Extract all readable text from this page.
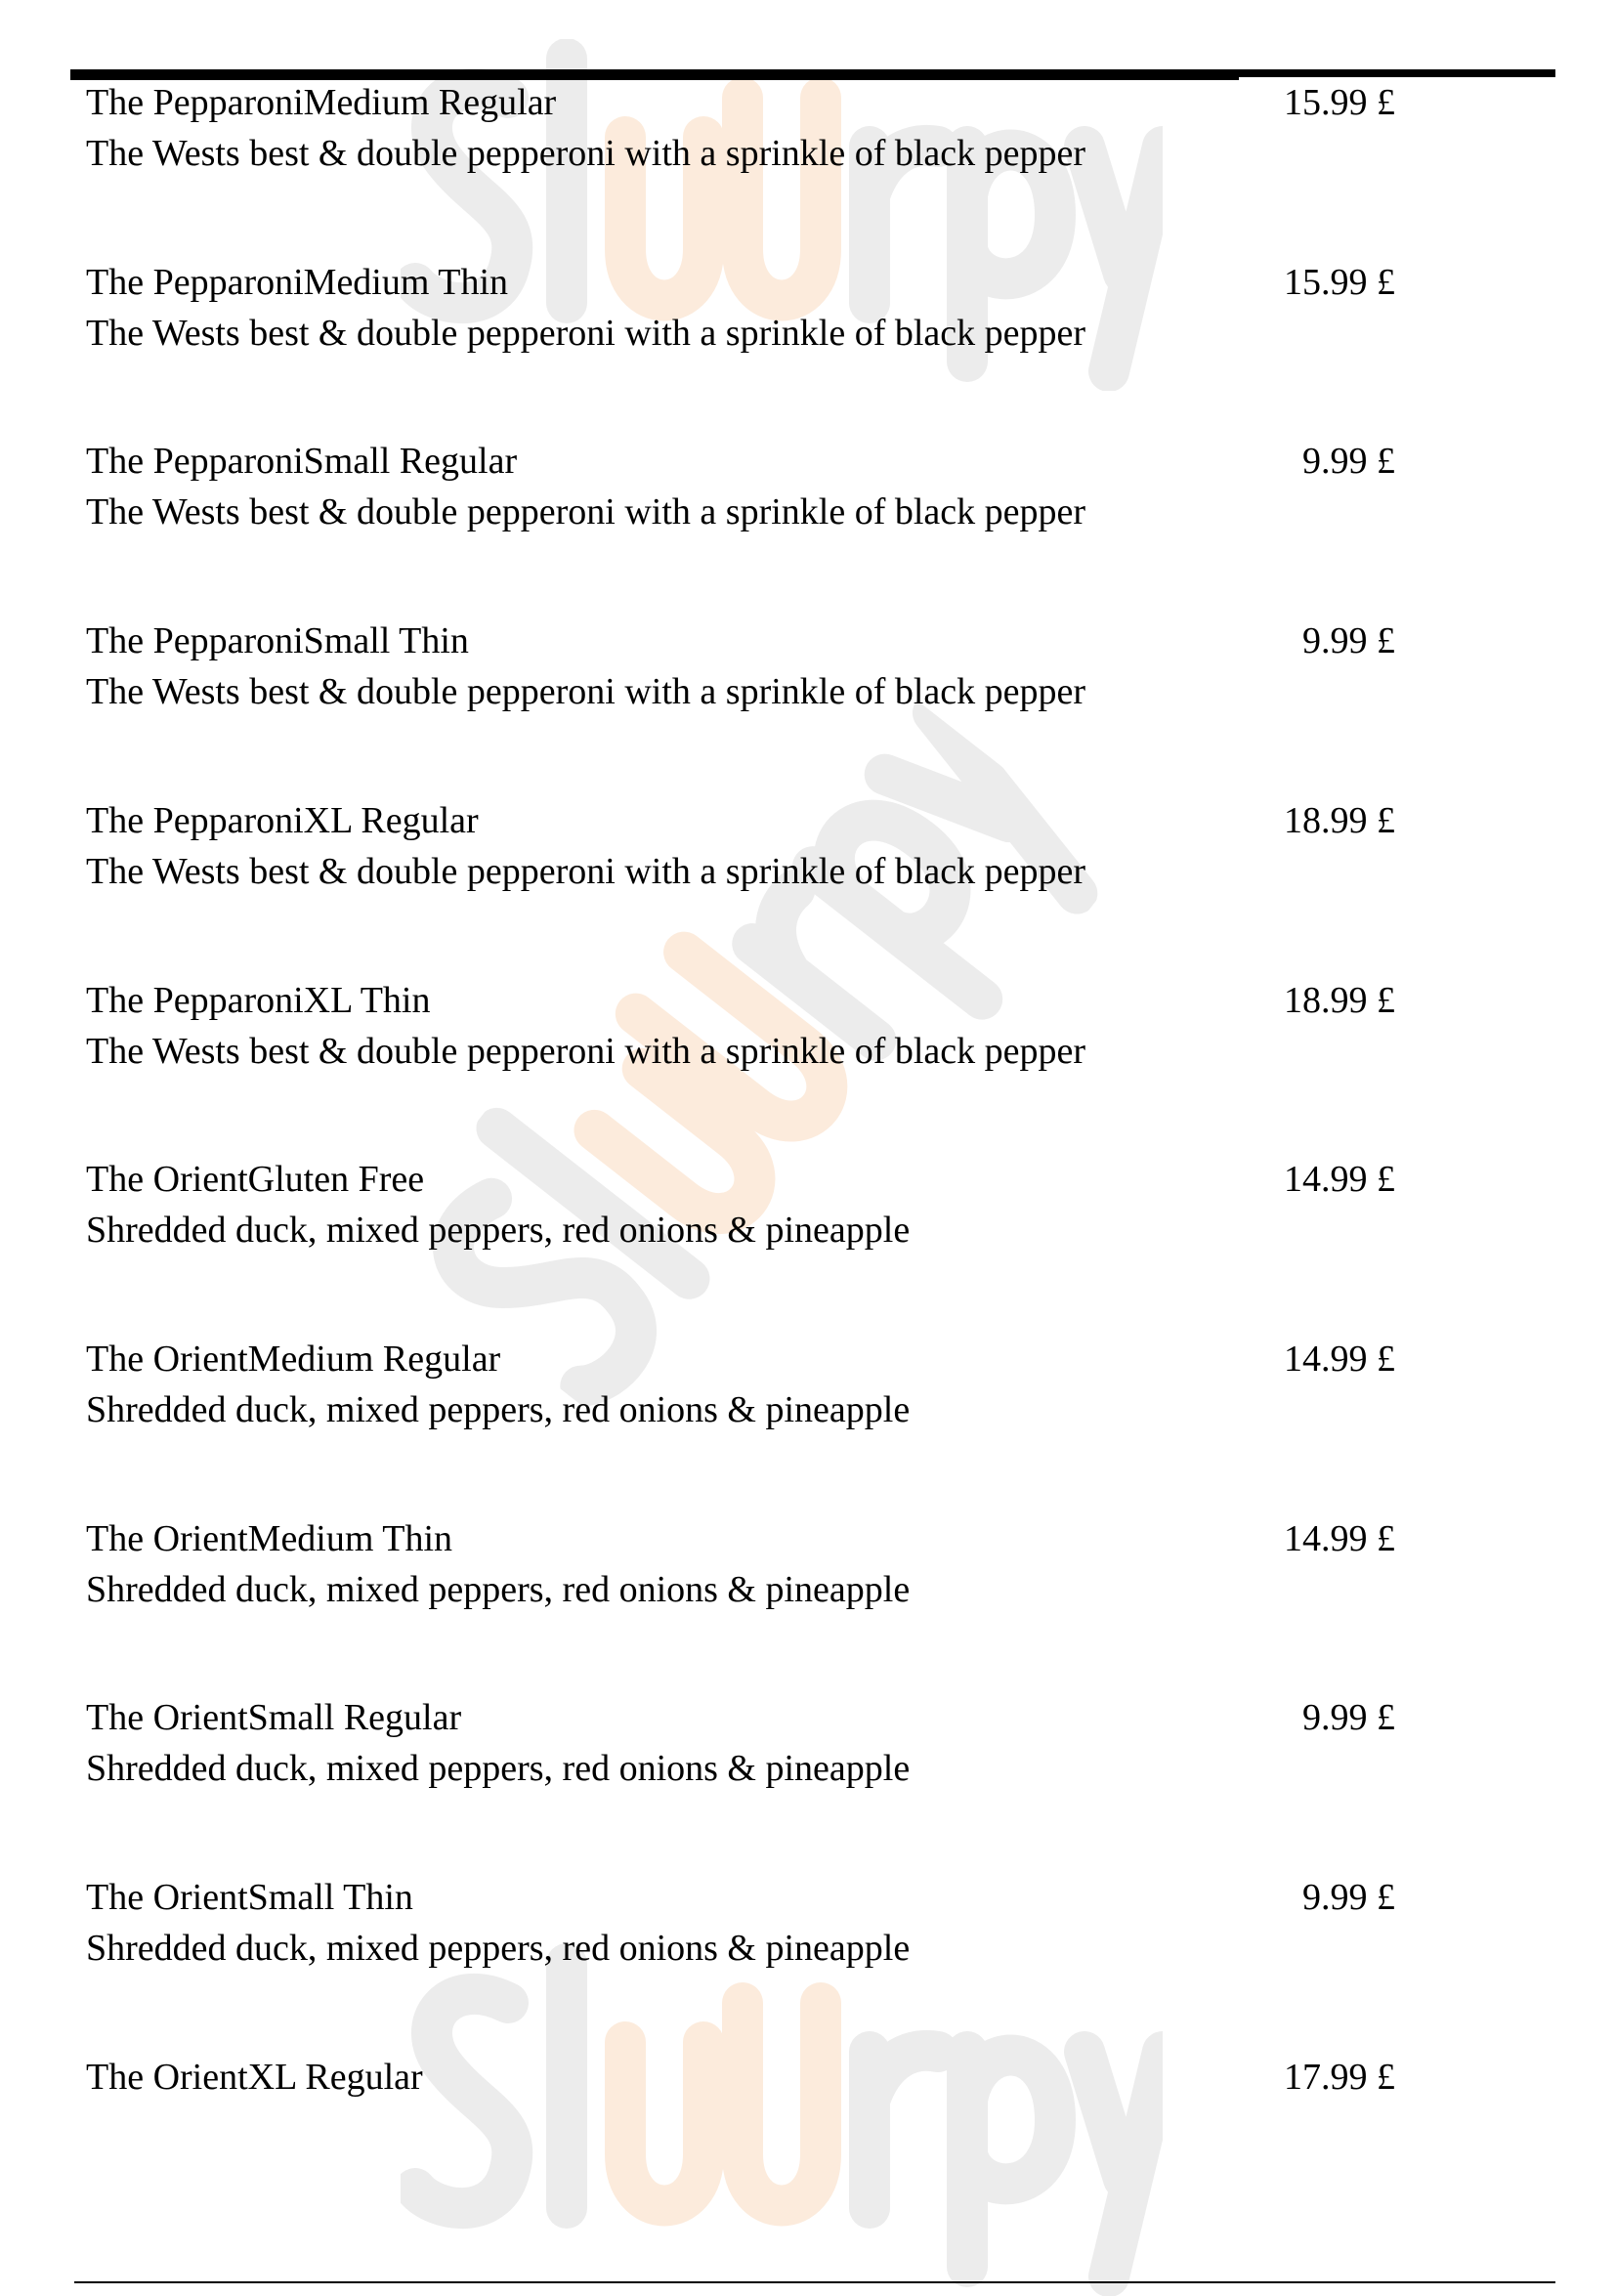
The PepparoniMedium Regular
The Wests best & double pepperoni with a sprinkle of black pepper
15.99 £
The PepparoniMedium Thin
The Wests best & double pepperoni with a sprinkle of black pepper
15.99 £
The PepparoniSmall Regular
The Wests best & double pepperoni with a sprinkle of black pepper
9.99 £
The PepparoniSmall Thin
The Wests best & double pepperoni with a sprinkle of black pepper
9.99 £
The PepparoniXL Regular
The Wests best & double pepperoni with a sprinkle of black pepper
18.99 £
The PepparoniXL Thin
The Wests best & double pepperoni with a sprinkle of black pepper
18.99 £
The OrientGluten Free
Shredded duck, mixed peppers, red onions & pineapple
14.99 £
The OrientMedium Regular
Shredded duck, mixed peppers, red onions & pineapple
14.99 £
The OrientMedium Thin
Shredded duck, mixed peppers, red onions & pineapple
14.99 £
The OrientSmall Regular
Shredded duck, mixed peppers, red onions & pineapple
9.99 £
The OrientSmall Thin
Shredded duck, mixed peppers, red onions & pineapple
9.99 £
The OrientXL Regular	17.99 £
